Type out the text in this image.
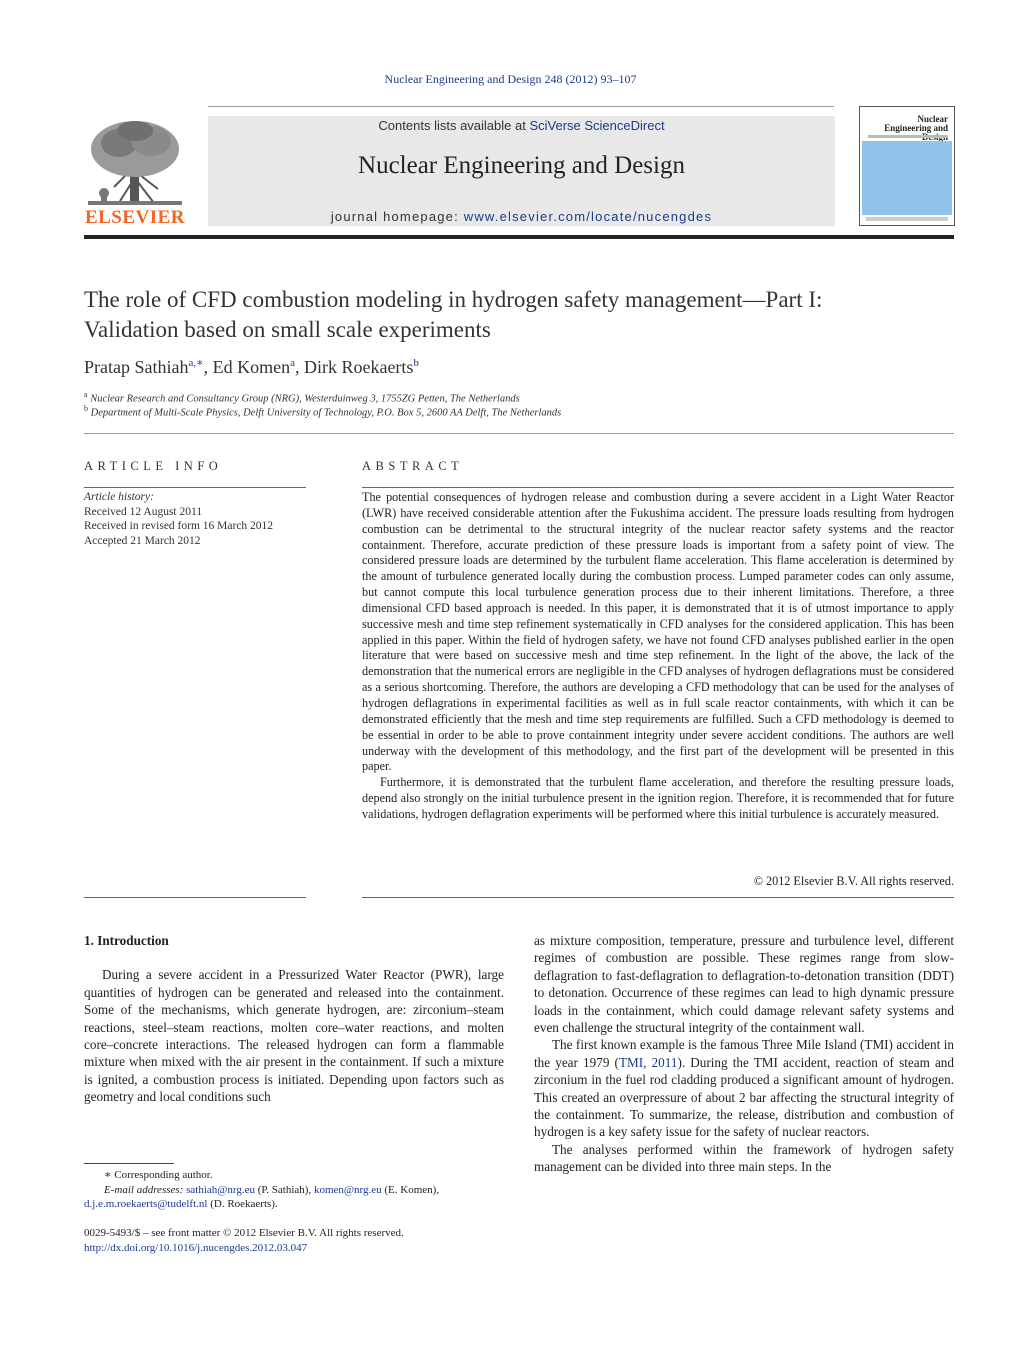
Nuclear Engineering and Design 248 (2012) 93–107
ELSEVIER
Contents lists available at SciVerse ScienceDirect
Nuclear Engineering and Design
journal homepage: www.elsevier.com/locate/nucengdes
Nuclear Engineering and
The role of CFD combustion modeling in hydrogen safety management—Part I:
Validation based on small scale experiments
Pratap Sathiah$^{a,∗}$, Ed Komen$^a$, Dirk Roekaerts$^b$
$^a$ Nuclear Research and Consultancy Group (NRG), Westerduinweg 3, 1755ZG Petten, The Netherlands
$^b$ Department of Multi-Scale Physics, Delft University of Technology, P.O. Box 5, 2600 AA Delft, The Netherlands
ARTICLE INFO
Article history:
Received 12 August 2011
Received in revised form 16 March 2012
Accepted 21 March 2012
ABSTRACT

The potential consequences of hydrogen release and combustion during a severe accident in a Light Water Reactor (LWR) have received considerable attention after the Fukushima accident. The pressure loads resulting from hydrogen combustion can be detrimental to the structural integrity of the nuclear reactor safety systems and the reactor containment. Therefore, accurate prediction of these pressure loads is important from a safety point of view. The considered pressure loads are determined by the turbulent flame acceleration. This flame acceleration is determined by the amount of turbulence generated locally during the combustion process. Lumped parameter codes can only assume, but cannot compute this local turbulence generation process due to their inherent limitations. Therefore, a three dimensional CFD based approach is needed. In this paper, it is demonstrated that it is of utmost importance to apply successive mesh and time step refinement systematically in CFD analyses for the considered application. This has been applied in this paper. Within the field of hydrogen safety, we have not found CFD analyses published earlier in the open literature that were based on successive mesh and time step refinement. In the light of the above, the lack of the demonstration that the numerical errors are negligible in the CFD analyses of hydrogen deflagrations must be considered as a serious shortcoming. Therefore, the authors are developing a CFD methodology that can be used for the analyses of hydrogen deflagrations in experimental facilities as well as in full scale reactor containments, with which it can be demonstrated efficiently that the mesh and time step requirements are fulfilled. Such a CFD methodology is deemed to be essential in order to be able to prove containment integrity under severe accident conditions. The authors are well underway with the development of this methodology, and the first part of the development will be presented in this paper.

Furthermore, it is demonstrated that the turbulent flame acceleration, and therefore the resulting pressure loads, depend also strongly on the initial turbulence present in the ignition region. Therefore, it is recommended that for future validations, hydrogen deflagration experiments will be performed where this initial turbulence is accurately measured.

© 2012 Elsevier B.V. All rights reserved.

1. Introduction

During a severe accident in a Pressurized Water Reactor (PWR), large quantities of hydrogen can be generated and released into the containment. Some of the mechanisms, which generate hydrogen, are: zirconium–steam reactions, steel–steam reactions, molten core–water reactions, and molten core–concrete interactions. The released hydrogen can form a flammable mixture when mixed with the air present in the containment. If such a mixture is ignited, a combustion process is initiated. Depending upon factors such as geometry and local conditions such

as mixture composition, temperature, pressure and turbulence level, different regimes of combustion are possible. These regimes range from slow-deflagration to fast-deflagration to deflagration-to-detonation transition (DDT) to detonation. Occurrence of these regimes can lead to high dynamic pressure loads in the containment, which could damage relevant safety systems and even challenge the structural integrity of the containment wall.

The first known example is the famous Three Mile Island (TMI) accident in the year 1979 (TMI, 2011). During the TMI accident, reaction of steam and zirconium in the fuel rod cladding produced a significant amount of hydrogen. This created an overpressure of about 2 bar affecting the structural integrity of the containment. To summarize, the release, distribution and combustion of hydrogen is a key safety issue for the safety of nuclear reactors.

The analyses performed within the framework of hydrogen safety management can be divided into three main steps. In the

∗ Corresponding author.
E-mail addresses: sathiah@nrg.eu (P. Sathiah), komen@nrg.eu (E. Komen),
d.j.e.m.roekaerts@tudelft.nl (D. Roekaerts).
0029-5493/$ – see front matter © 2012 Elsevier B.V. All rights reserved.
http://dx.doi.org/10.1016/j.nucengdes.2012.03.047
